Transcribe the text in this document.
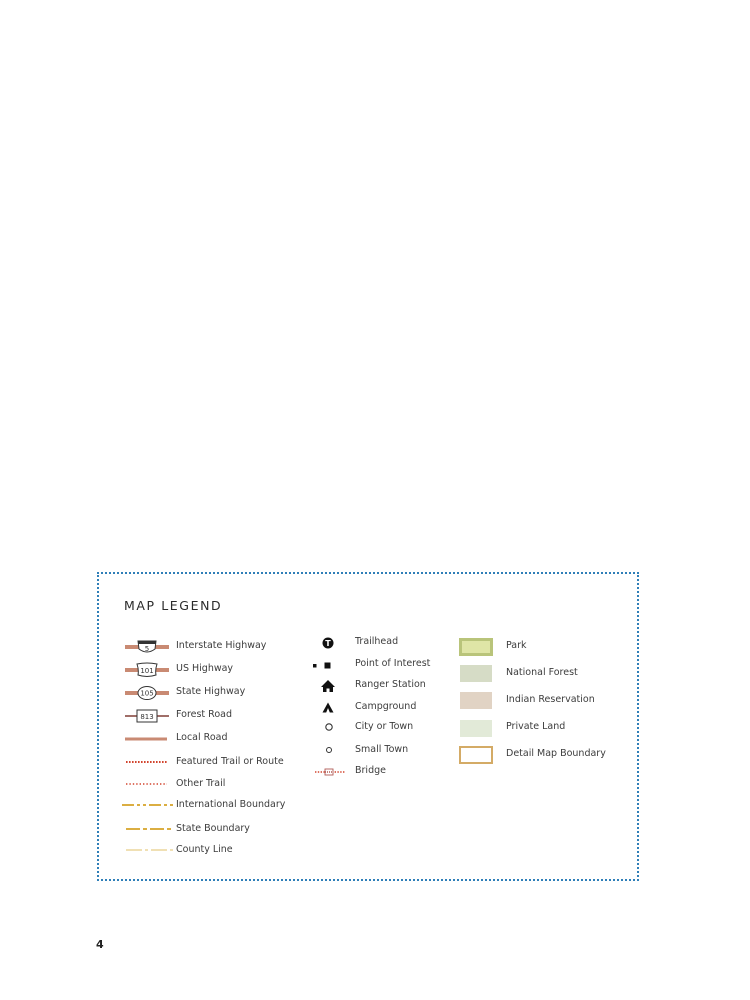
MAP LEGEND
5	Interstate Highway
101 US Highway
105 State Highway
813 Forest Road
Local Road
Featured Trail or Route
Other Trail
International Boundary
State Boundary
County Line
T	Trailhead
Point of Interest
Ranger Station
Campground
City or Town
Small Town
Bridge
Park
National Forest
Indian Reservation
Private Land
Detail Map Boundary
4
